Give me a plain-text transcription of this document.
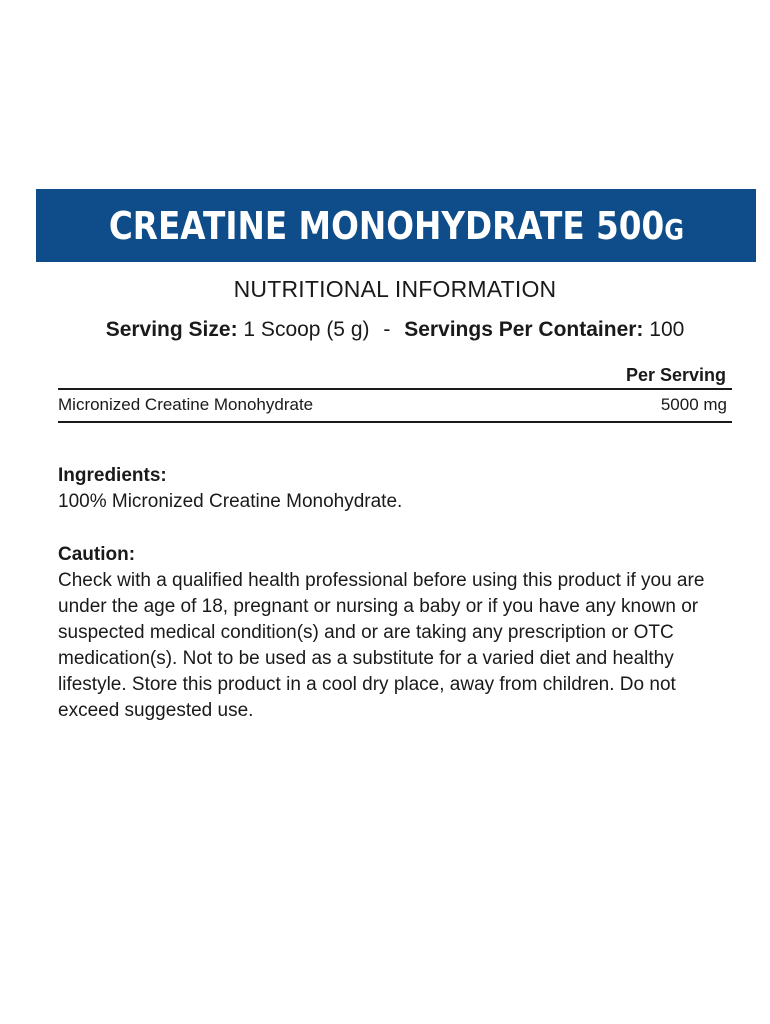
CREATINE MONOHYDRATE 500G
NUTRITIONAL INFORMATION
Serving Size: 1 Scoop (5 g) - Servings Per Container: 100
Per Serving
Micronized Creatine Monohydrate	5000 mg
Ingredients:
100% Micronized Creatine Monohydrate.
Caution:
Check with a qualified health professional before using this product if you are under the age of 18, pregnant or nursing a baby or if you have any known or suspected medical condition(s) and or are taking any prescription or OTC medication(s). Not to be used as a substitute for a varied diet and healthy lifestyle. Store this product in a cool dry place, away from children. Do not exceed suggested use.
